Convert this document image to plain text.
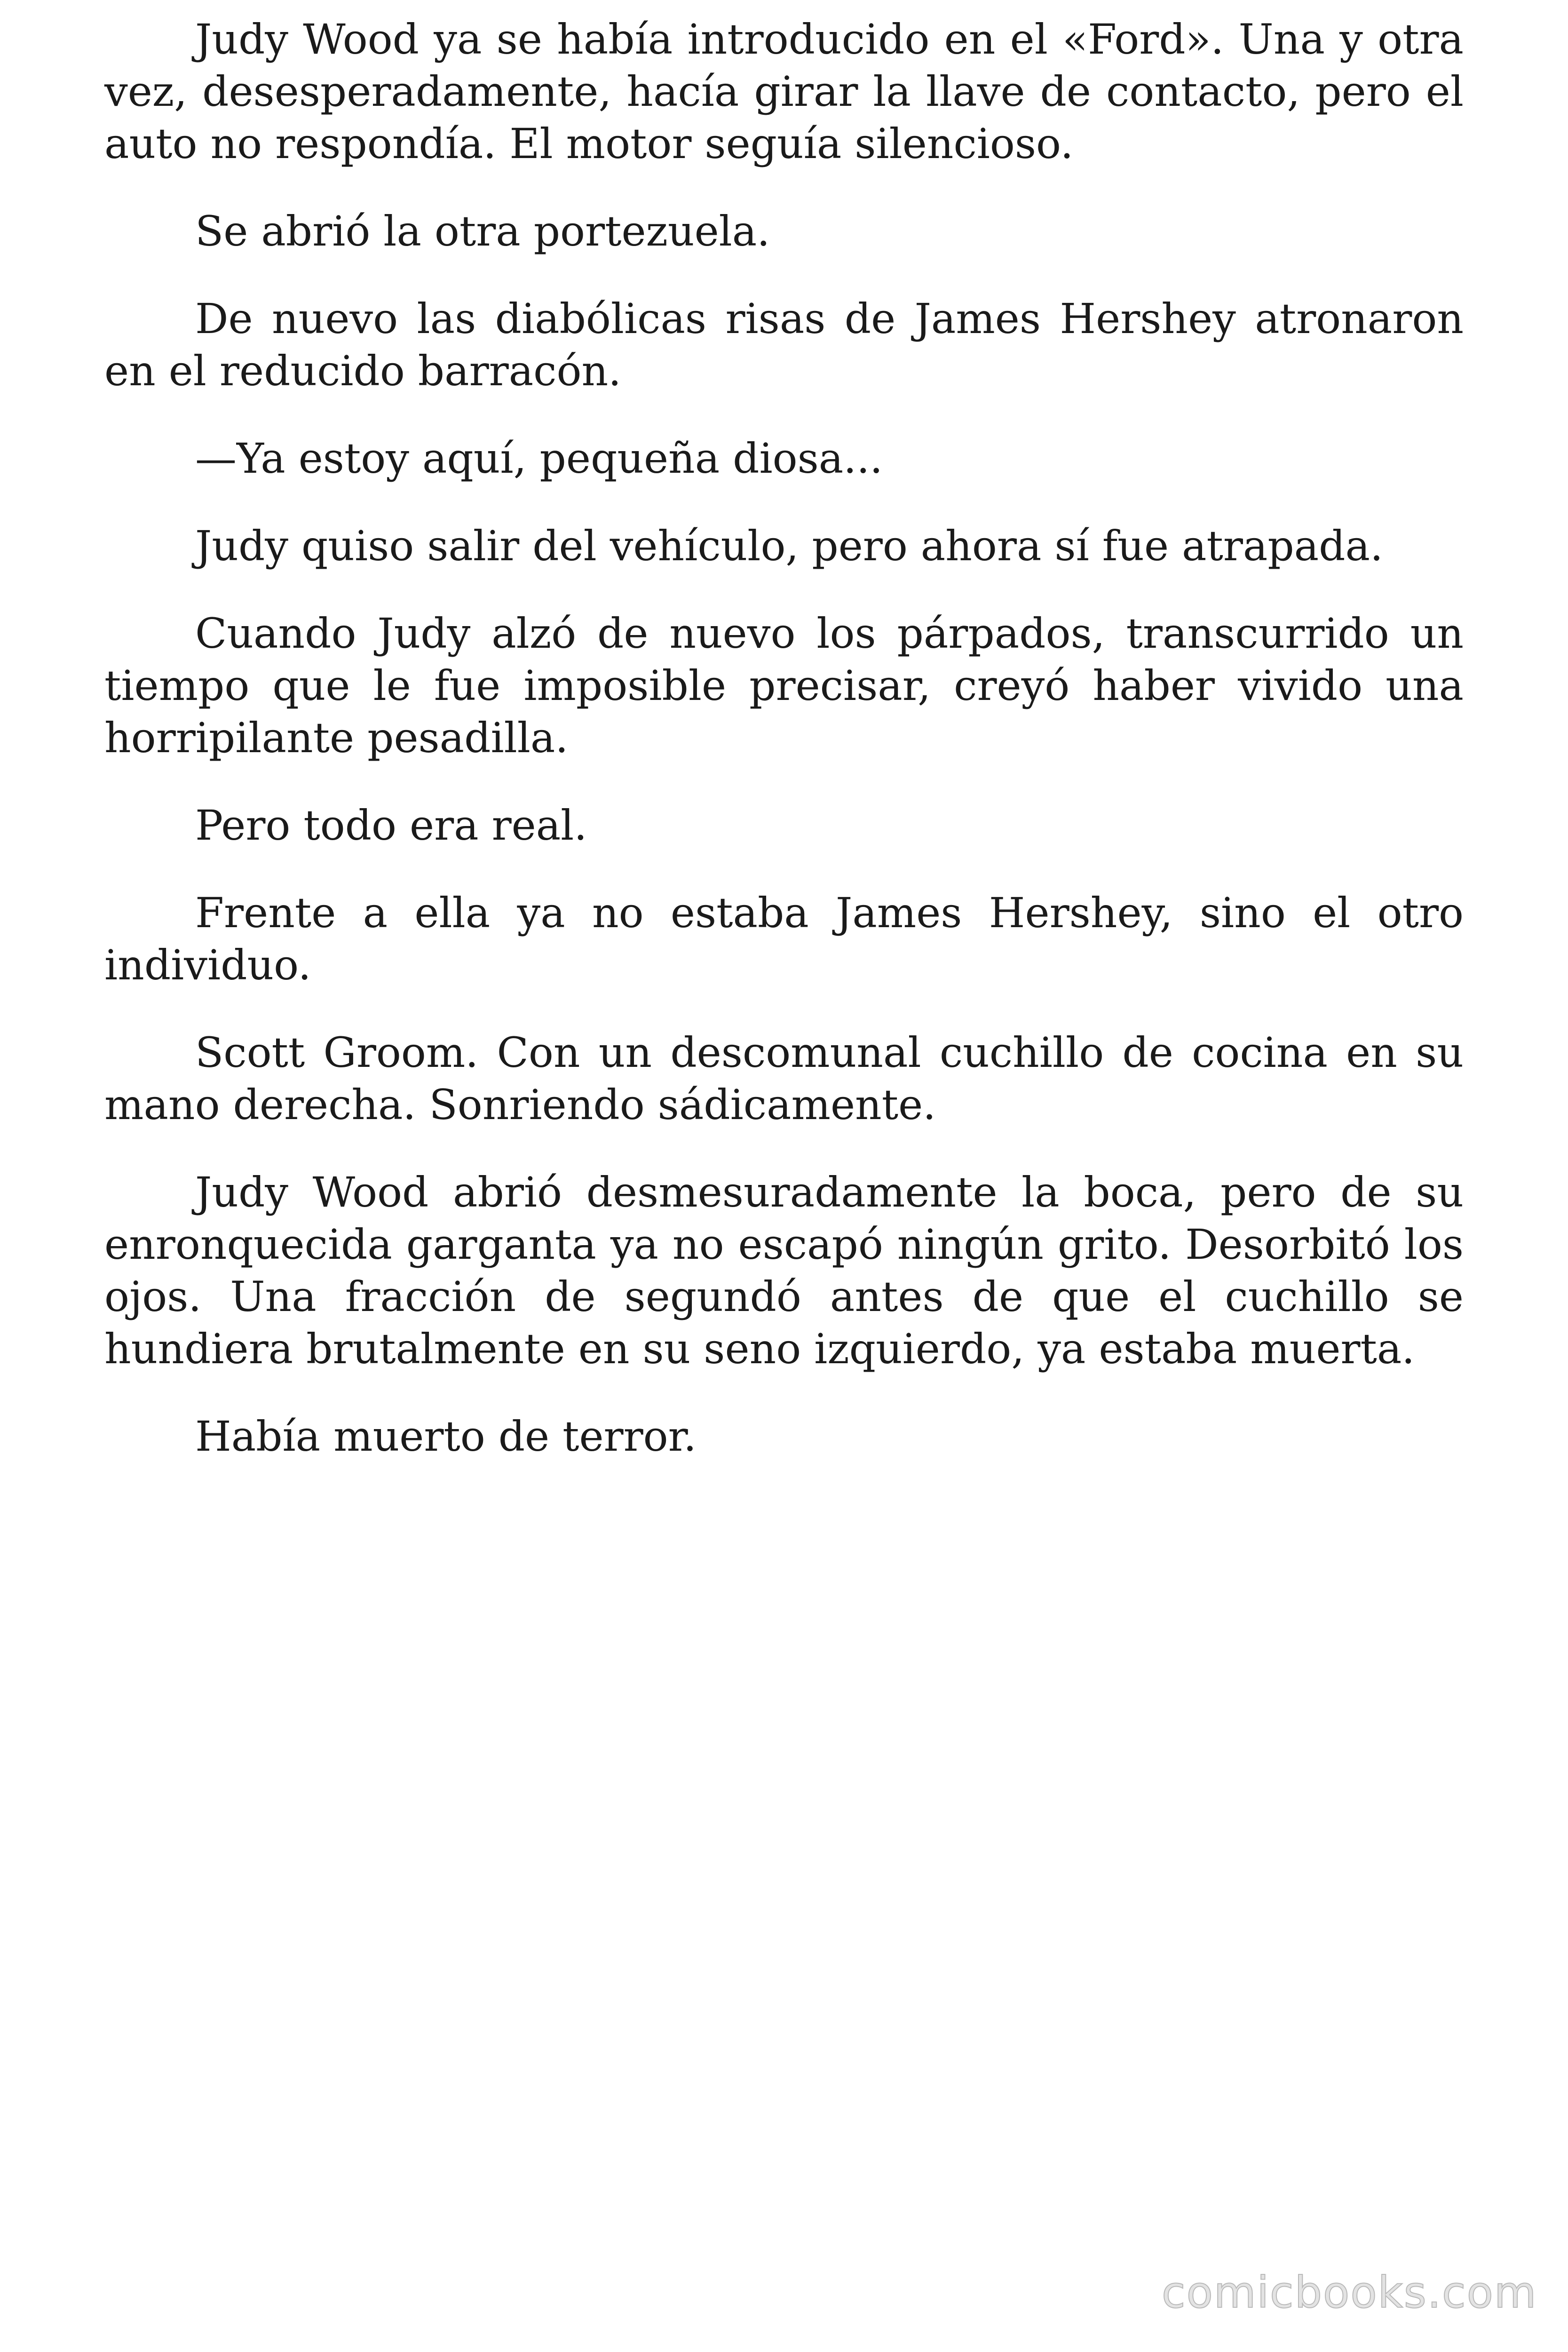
Judy Wood ya se había introducido en el «Ford». Una y otra vez, desesperadamente, hacía girar la llave de contacto, pero el auto no respondía. El motor seguía silencioso.

Se abrió la otra portezuela.

De nuevo las diabólicas risas de James Hershey atronaron en el reducido barracón.

—Ya estoy aquí, pequeña diosa...

Judy quiso salir del vehículo, pero ahora sí fue atrapada.

Cuando Judy alzó de nuevo los párpados, transcurrido un tiempo que le fue imposible precisar, creyó haber vivido una horripilante pesadilla.

Pero todo era real.

Frente a ella ya no estaba James Hershey, sino el otro individuo.

Scott Groom. Con un descomunal cuchillo de cocina en su mano derecha. Sonriendo sádicamente.

Judy Wood abrió desmesuradamente la boca, pero de su enronquecida garganta ya no escapó ningún grito. Desorbitó los ojos. Una fracción de segundó antes de que el cuchillo se hundiera brutalmente en su seno izquierdo, ya estaba muerta.

Había muerto de terror.

comicbooks.com
